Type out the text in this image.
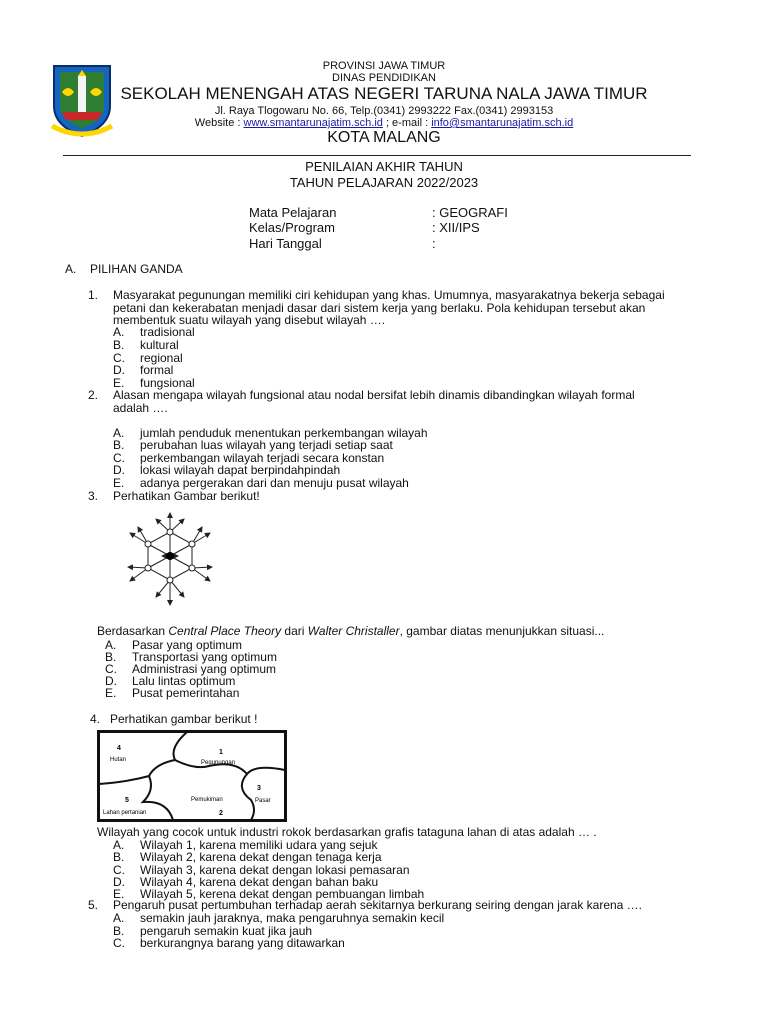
PROVINSI JAWA TIMUR
DINAS PENDIDIKAN
SEKOLAH MENENGAH ATAS NEGERI TARUNA NALA JAWA TIMUR
Jl. Raya Tlogowaru No. 66, Telp.(0341) 2993222 Fax.(0341) 2993153
Website : www.smantarunajatim.sch.id ; e-mail : info@smantarunajatim.sch.id
KOTA MALANG
PENILAIAN AKHIR TAHUN
TAHUN PELAJARAN 2022/2023
Mata Pelajaran	: GEOGRAFI
Kelas/Program	: XII/IPS
Hari Tanggal	:
A. PILIHAN GANDA
1. Masyarakat pegunungan memiliki ciri kehidupan yang khas. Umumnya, masyarakatnya bekerja sebagai
petani dan kekerabatan menjadi dasar dari sistem kerja yang berlaku. Pola kehidupan tersebut akan
membentuk suatu wilayah yang disebut wilayah ….
A. tradisional
B. kultural
C. regional
D. formal
E. fungsional
2. Alasan mengapa wilayah fungsional atau nodal bersifat lebih dinamis dibandingkan wilayah formal
adalah ….
A. jumlah penduduk menentukan perkembangan wilayah
B. perubahan luas wilayah yang terjadi setiap saat
C. perkembangan wilayah terjadi secara konstan
D. lokasi wilayah dapat berpindahpindah
E. adanya pergerakan dari dan menuju pusat wilayah
3. Perhatikan Gambar berikut!
Berdasarkan Central Place Theory dari Walter Christaller, gambar diatas menunjukkan situasi...
A. Pasar yang optimum
B. Transportasi yang optimum
C. Administrasi yang optimum
D. Lalu lintas optimum
E. Pusat pemerintahan
4. Perhatikan gambar berikut !
4
Hutan
1
Pegunungan
3
Pasar
5
Lahan pertanian	2
Pemukiman
Wilayah yang cocok untuk industri rokok berdasarkan grafis tataguna lahan di atas adalah … .
A. Wilayah 1, karena memiliki udara yang sejuk
B. Wilayah 2, karena dekat dengan tenaga kerja
C. Wilayah 3, karena dekat dengan lokasi pemasaran
D. Wilayah 4, karena dekat dengan bahan baku
E. Wilayah 5, kerena dekat dengan pembuangan limbah
5. Pengaruh pusat pertumbuhan terhadap aerah sekitarnya berkurang seiring dengan jarak karena ….
A. semakin jauh jaraknya, maka pengaruhnya semakin kecil
B. pengaruh semakin kuat jika jauh
C. berkurangnya barang yang ditawarkan
